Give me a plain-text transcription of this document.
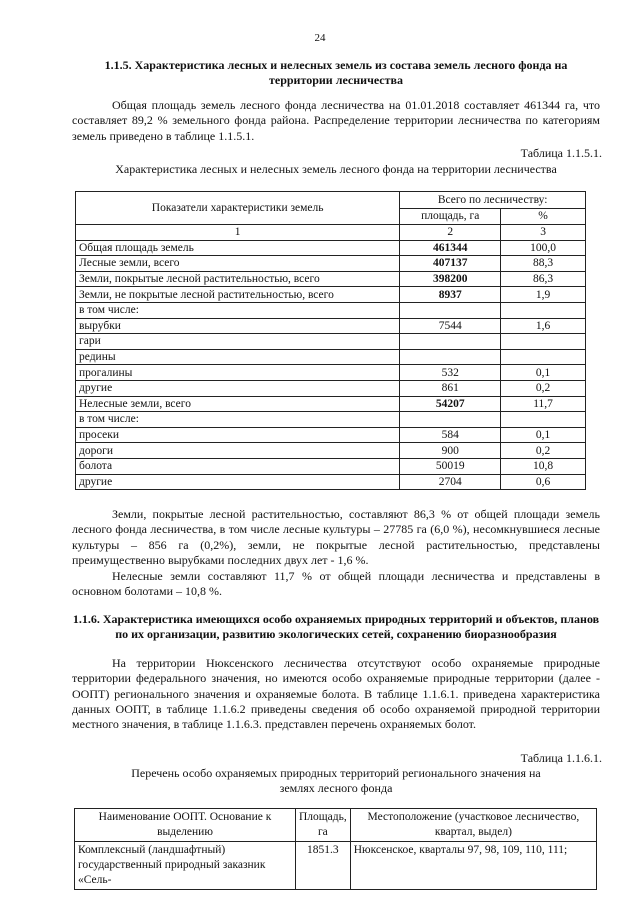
24
1.1.5. Характеристика лесных и нелесных земель из состава земель лесного фонда на территории лесничества
Общая площадь земель лесного фонда лесничества на 01.01.2018 составляет 461344 га, что составляет 89,2 % земельного фонда района. Распределение территории лесничества по категориям земель приведено в таблице 1.1.5.1.
Таблица 1.1.5.1.
Характеристика лесных и нелесных земель лесного фонда на территории лесничества
Показатели характеристики земель	Всего по лесничеству:	
	площадь, га	%
1	2	3
Общая площадь земель	461344	100,0
Лесные земли, всего	407137	88,3
Земли, покрытые лесной растительностью, всего	398200	86,3
Земли, не покрытые лесной растительностью, всего	8937	1,9
в том числе:		
вырубки	7544	1,6
гари		
редины		
прогалины	532	0,1
другие	861	0,2
Нелесные земли, всего	54207	11,7
в том числе:		
просеки	584	0,1
дороги	900	0,2
болота	50019	10,8
другие	2704	0,6
Земли, покрытые лесной растительностью, составляют 86,3 % от общей площади земель лесного фонда лесничества, в том числе лесные культуры – 27785 га (6,0 %), несомкнувшиеся лесные культуры – 856 га (0,2%), земли, не покрытые лесной растительностью, представлены преимущественно вырубками последних двух лет - 1,6 %.
Нелесные земли составляют 11,7 % от общей площади лесничества и представлены в основном болотами – 10,8 %.
1.1.6. Характеристика имеющихся особо охраняемых природных территорий и объектов, планов по их организации, развитию экологических сетей, сохранению биоразнообразия
На территории Нюксенского лесничества отсутствуют особо охраняемые природные территории федерального значения, но имеются особо охраняемые природные территории (далее - ООПТ) регионального значения и охраняемые болота. В таблице 1.1.6.1. приведена характеристика данных ООПТ, в таблице 1.1.6.2 приведены сведения об особо охраняемой природной территории местного значения, в таблице 1.1.6.3. представлен перечень охраняемых болот.
Таблица 1.1.6.1.
Перечень особо охраняемых природных территорий регионального значения на землях лесного фонда
Наименование ООПТ. Основание к выделению	Площадь, га	Местоположение (участковое лесничество, квартал, выдел)
Комплексный (ландшафтный) государственный природный заказник «Сель-	1851.3	Нюксенское, кварталы 97, 98, 109, 110, 111;
